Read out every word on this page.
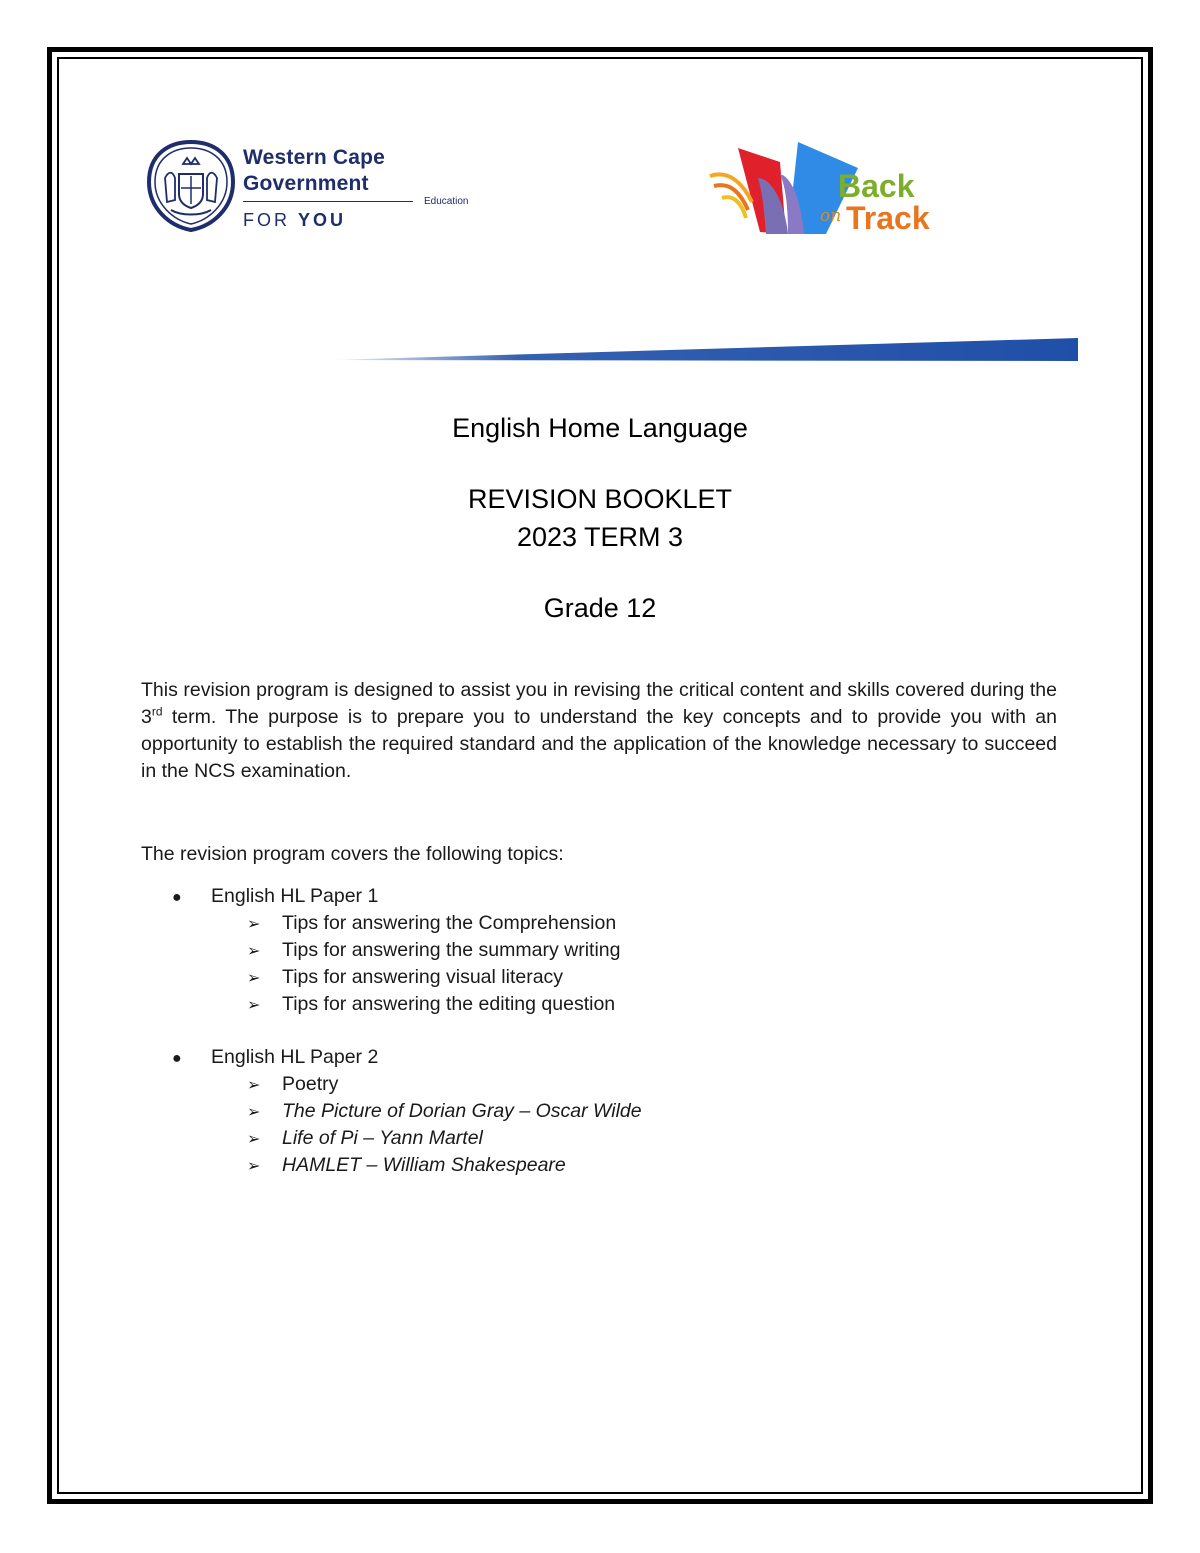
Western Cape
Government
Education
FOR YOU
Back
on Track
English Home Language
REVISION BOOKLET
2023 TERM 3
Grade 12
This revision program is designed to assist you in revising the critical content and skills covered during the 3rd term. The purpose is to prepare you to understand the key concepts and to provide you with an opportunity to establish the required standard and the application of the knowledge necessary to succeed in the NCS examination.
The revision program covers the following topics:
● English HL Paper 1
➢ Tips for answering the Comprehension
➢ Tips for answering the summary writing
➢ Tips for answering visual literacy
➢ Tips for answering the editing question
● English HL Paper 2
➢ Poetry
➢ The Picture of Dorian Gray – Oscar Wilde
➢ Life of Pi – Yann Martel
➢ HAMLET – William Shakespeare
